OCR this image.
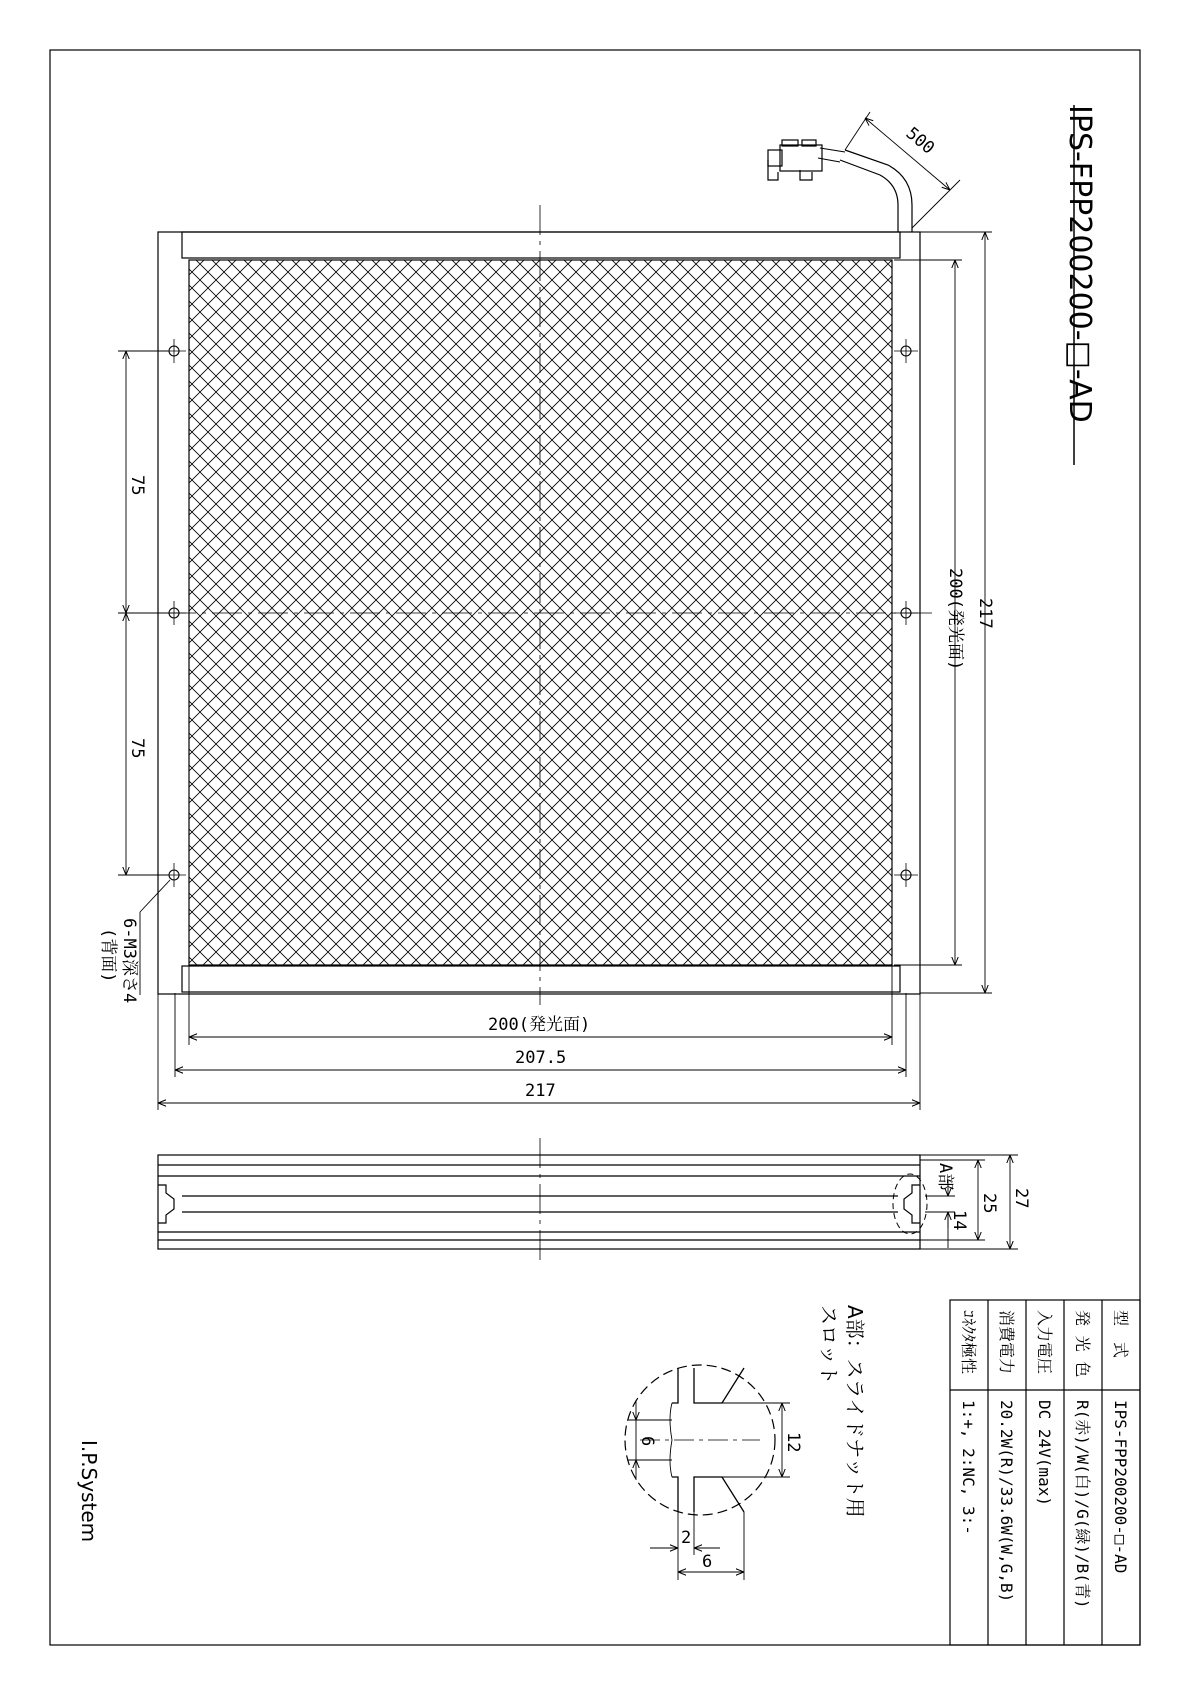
500
75
75
6-M3深さ4
(背面)
200(発光面) 217
200(発光面)
207.5
217
A部
27
25
14
型　式
IPS-FPP200200-□-AD
発 光 色
R(赤)/W(白)/G(緑)/B(青)
入力電圧
DC 24V(max)
消費電力
20.2W(R)/33.6W(W,G,B)
ｺﾈｸﾀ極性
1:+, 2:NC, 3:-
12
6
2
6
A部：スライドナット用
スロット
IPS-FPP200200-□-AD
I.P.System
